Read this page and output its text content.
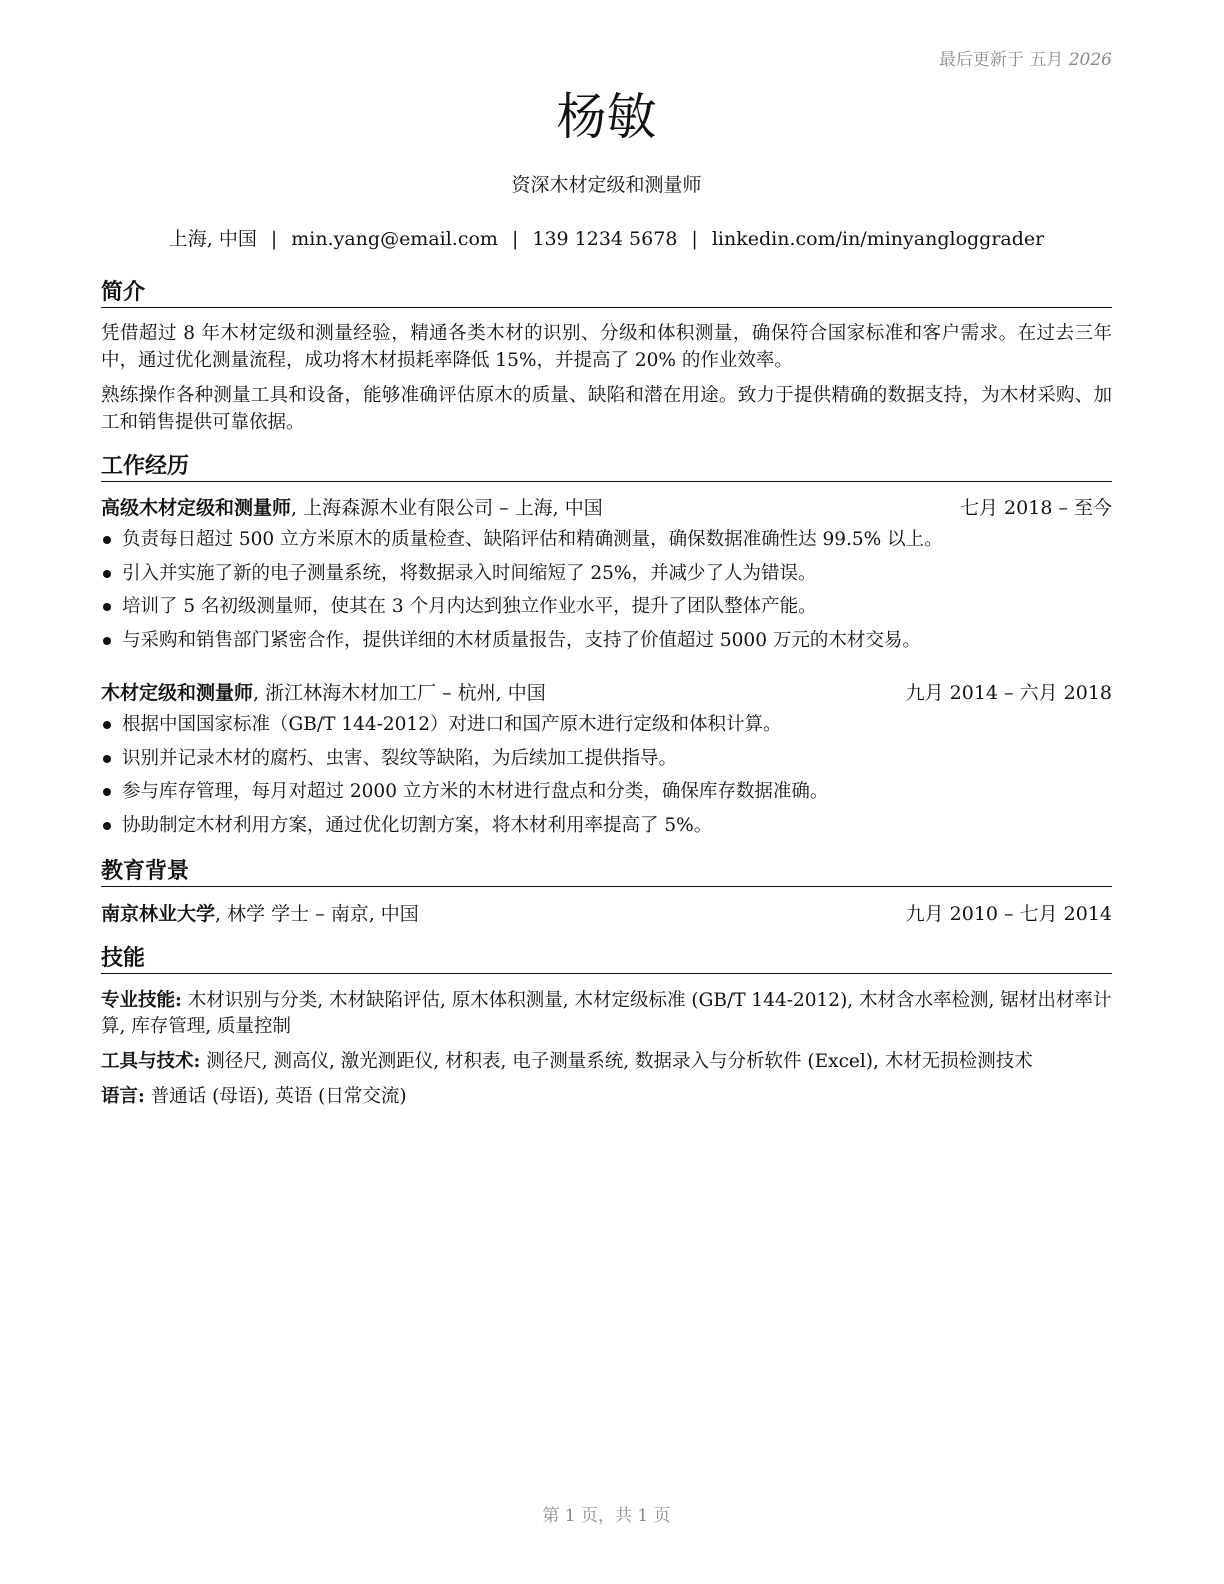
最后更新于 五月 2026
杨敏
资深木材定级和测量师
上海, 中国 | min.yang@email.com | 139 1234 5678 | linkedin.com/in/minyangloggrader
简介
凭借超过 8 年木材定级和测量经验，精通各类木材的识别、分级和体积测量，确保符合国家标准和客户需求。在过去三年中，通过优化测量流程，成功将木材损耗率降低 15%，并提高了 20% 的作业效率。
熟练操作各种测量工具和设备，能够准确评估原木的质量、缺陷和潜在用途。致力于提供精确的数据支持，为木材采购、加工和销售提供可靠依据。
工作经历
高级木材定级和测量师, 上海森源木业有限公司 – 上海, 中国	七月 2018 – 至今
负责每日超过 500 立方米原木的质量检查、缺陷评估和精确测量，确保数据准确性达 99.5% 以上。
引入并实施了新的电子测量系统，将数据录入时间缩短了 25%，并减少了人为错误。
培训了 5 名初级测量师，使其在 3 个月内达到独立作业水平，提升了团队整体产能。
与采购和销售部门紧密合作，提供详细的木材质量报告，支持了价值超过 5000 万元的木材交易。
木材定级和测量师, 浙江林海木材加工厂 – 杭州, 中国	九月 2014 – 六月 2018
根据中国国家标准（GB/T 144-2012）对进口和国产原木进行定级和体积计算。
识别并记录木材的腐朽、虫害、裂纹等缺陷，为后续加工提供指导。
参与库存管理，每月对超过 2000 立方米的木材进行盘点和分类，确保库存数据准确。
协助制定木材利用方案，通过优化切割方案，将木材利用率提高了 5%。
教育背景
南京林业大学, 林学 学士 – 南京, 中国	九月 2010 – 七月 2014
技能
专业技能: 木材识别与分类, 木材缺陷评估, 原木体积测量, 木材定级标准 (GB/T 144-2012), 木材含水率检测, 锯材出材率计算, 库存管理, 质量控制
工具与技术: 测径尺, 测高仪, 激光测距仪, 材积表, 电子测量系统, 数据录入与分析软件 (Excel), 木材无损检测技术
语言: 普通话 (母语), 英语 (日常交流)
第 1 页，共 1 页
